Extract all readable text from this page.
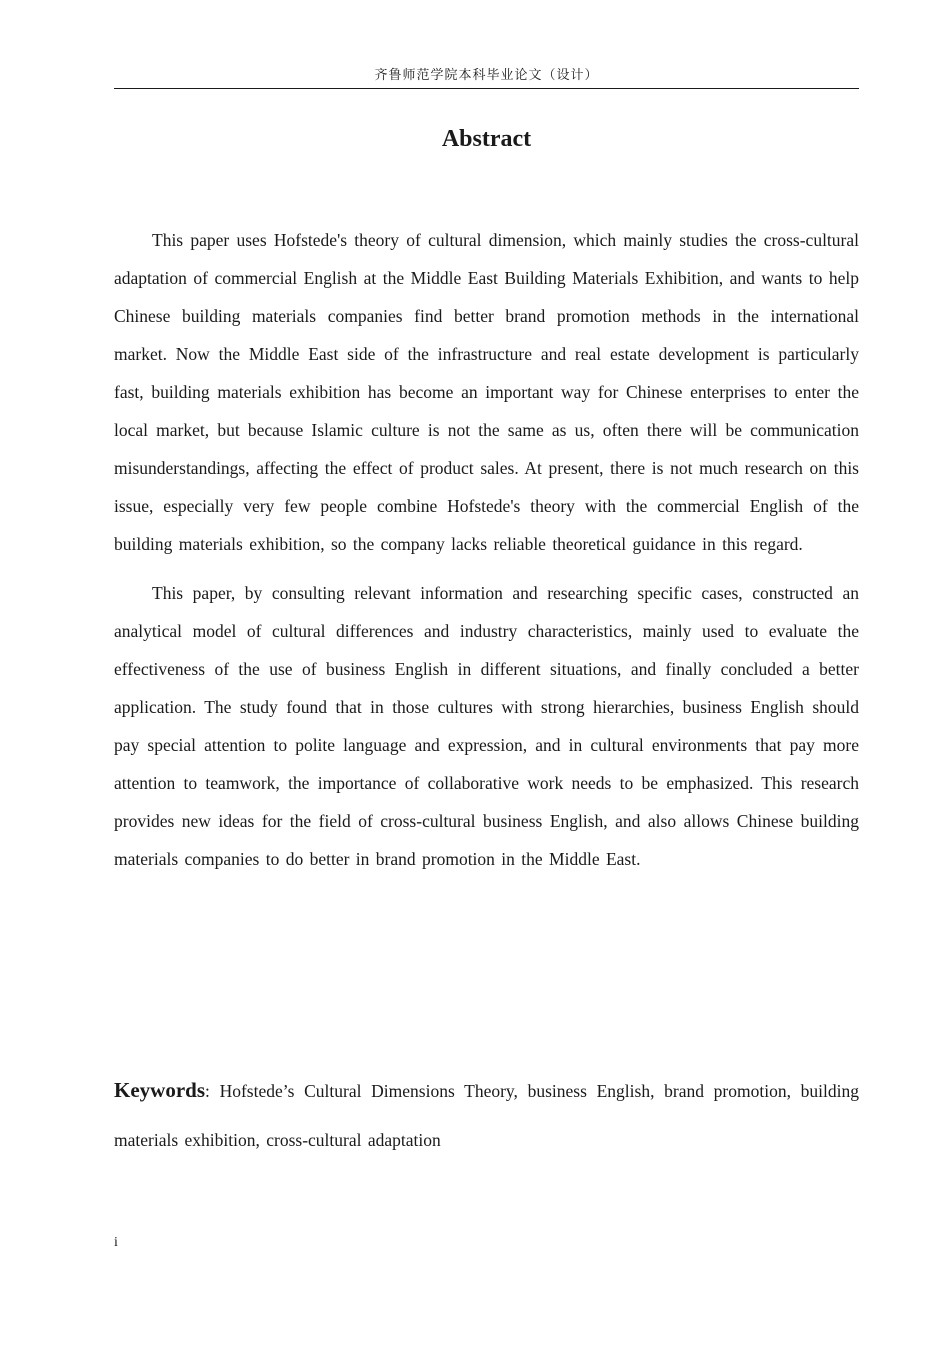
齐鲁师范学院本科毕业论文（设计）
Abstract

This paper uses Hofstede's theory of cultural dimension, which mainly studies the cross-cultural adaptation of commercial English at the Middle East Building Materials Exhibition, and wants to help Chinese building materials companies find better brand promotion methods in the international market. Now the Middle East side of the infrastructure and real estate development is particularly fast, building materials exhibition has become an important way for Chinese enterprises to enter the local market, but because Islamic culture is not the same as us, often there will be communication misunderstandings, affecting the effect of product sales. At present, there is not much research on this issue, especially very few people combine Hofstede's theory with the commercial English of the building materials exhibition, so the company lacks reliable theoretical guidance in this regard.

This paper, by consulting relevant information and researching specific cases, constructed an analytical model of cultural differences and industry characteristics, mainly used to evaluate the effectiveness of the use of business English in different situations, and finally concluded a better application. The study found that in those cultures with strong hierarchies, business English should pay special attention to polite language and expression, and in cultural environments that pay more attention to teamwork, the importance of collaborative work needs to be emphasized. This research provides new ideas for the field of cross-cultural business English, and also allows Chinese building materials companies to do better in brand promotion in the Middle East.

Keywords: Hofstede’s Cultural Dimensions Theory, business English, brand promotion, building materials exhibition, cross-cultural adaptation

i
